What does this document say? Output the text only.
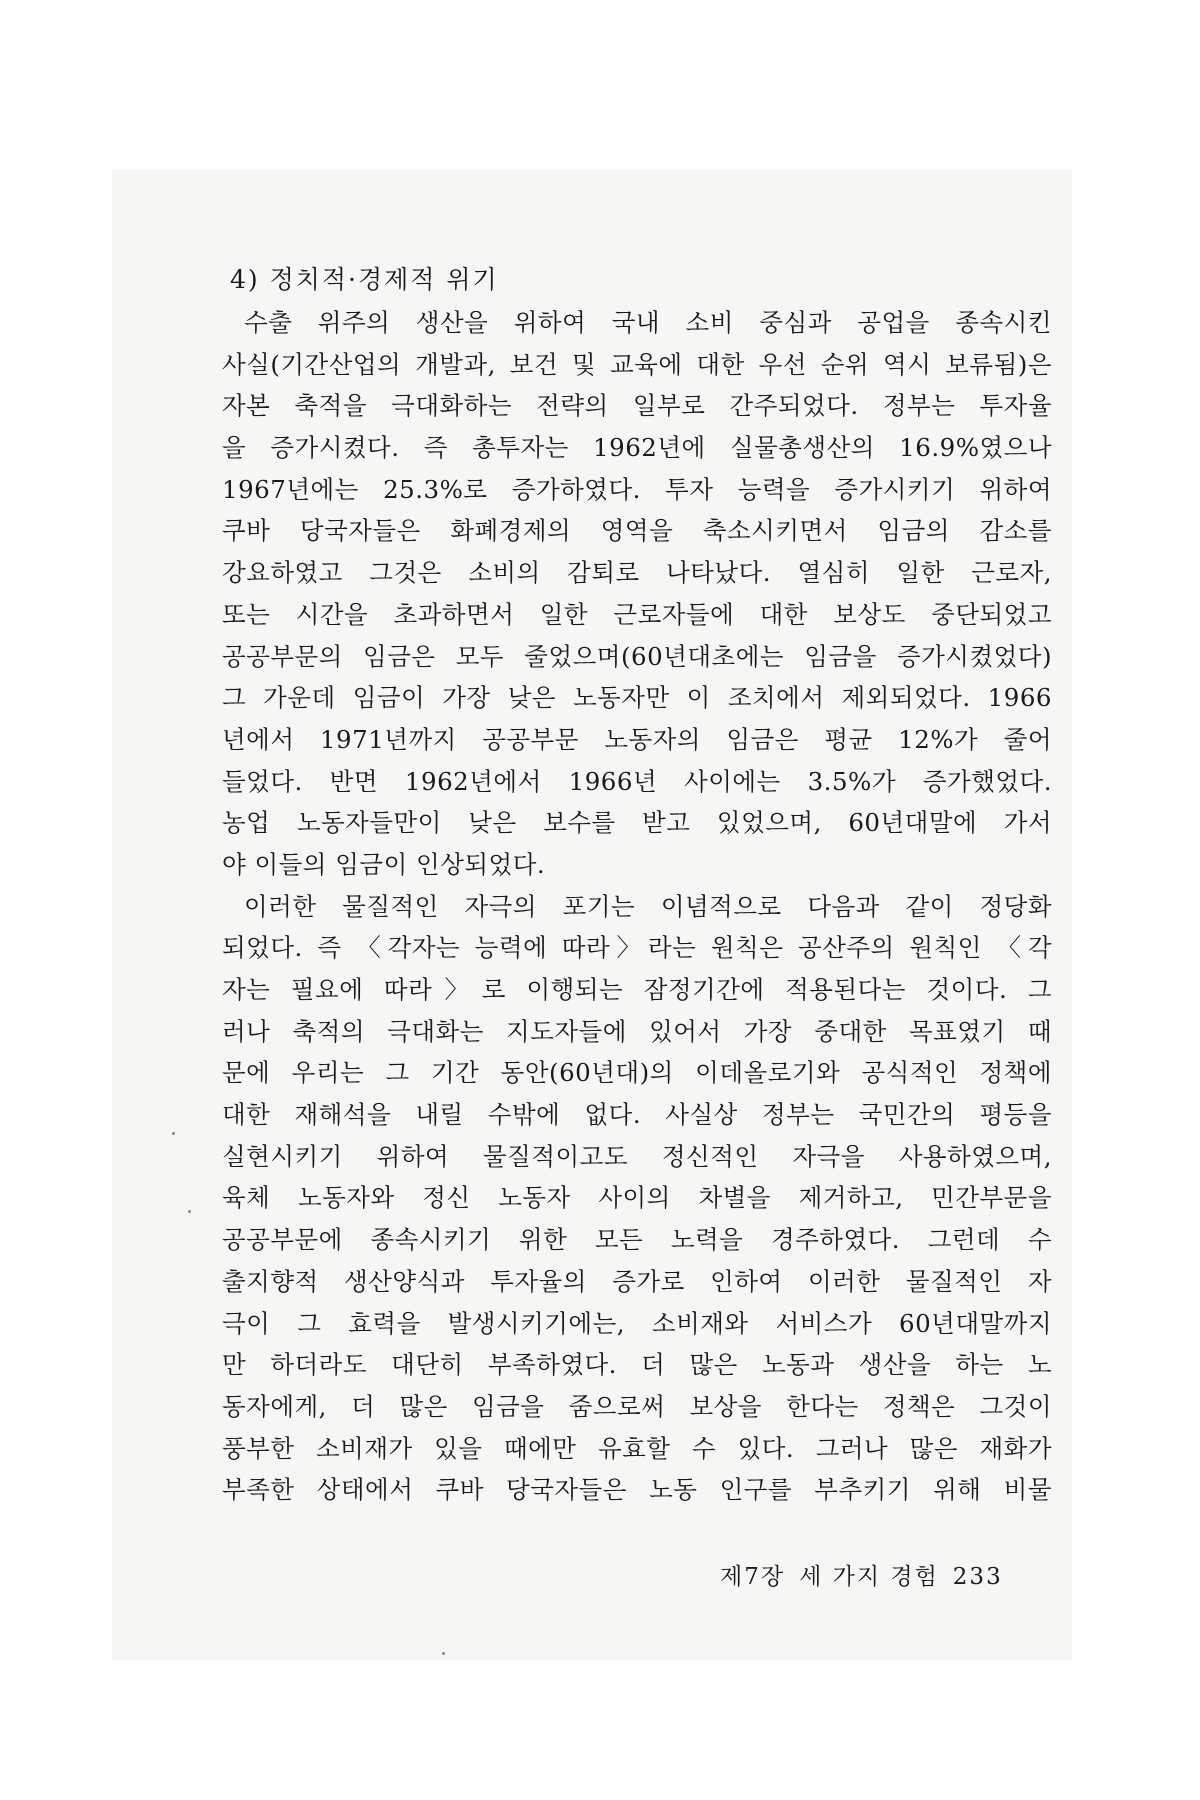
4) 정치적·경제적 위기

수출 위주의 생산을 위하여 국내 소비 중심과 공업을 종속시킨
사실(기간산업의 개발과, 보건 및 교육에 대한 우선 순위 역시 보류됨)은
자본 축적을 극대화하는 전략의 일부로 간주되었다. 정부는 투자율
을 증가시켰다. 즉 총투자는 1962년에 실물총생산의 16.9%였으나
1967년에는 25.3%로 증가하였다. 투자 능력을 증가시키기 위하여
쿠바 당국자들은 화폐경제의 영역을 축소시키면서 임금의 감소를
강요하였고 그것은 소비의 감퇴로 나타났다. 열심히 일한 근로자,
또는 시간을 초과하면서 일한 근로자들에 대한 보상도 중단되었고
공공부문의 임금은 모두 줄었으며(60년대초에는 임금을 증가시켰었다)
그 가운데 임금이 가장 낮은 노동자만 이 조치에서 제외되었다. 1966
년에서 1971년까지 공공부문 노동자의 임금은 평균 12%가 줄어
들었다. 반면 1962년에서 1966년 사이에는 3.5%가 증가했었다.
농업 노동자들만이 낮은 보수를 받고 있었으며, 60년대말에 가서
야 이들의 임금이 인상되었다.

이러한 물질적인 자극의 포기는 이념적으로 다음과 같이 정당화
되었다. 즉 〈각자는 능력에 따라〉라는 원칙은 공산주의 원칙인 〈각
자는 필요에 따라〉로 이행되는 잠정기간에 적용된다는 것이다. 그
러나 축적의 극대화는 지도자들에 있어서 가장 중대한 목표였기 때
문에 우리는 그 기간 동안(60년대)의 이데올로기와 공식적인 정책에
대한 재해석을 내릴 수밖에 없다. 사실상 정부는 국민간의 평등을
실현시키기 위하여 물질적이고도 정신적인 자극을 사용하였으며,
육체 노동자와 정신 노동자 사이의 차별을 제거하고, 민간부문을
공공부문에 종속시키기 위한 모든 노력을 경주하였다. 그런데 수
출지향적 생산양식과 투자율의 증가로 인하여 이러한 물질적인 자
극이 그 효력을 발생시키기에는, 소비재와 서비스가 60년대말까지
만 하더라도 대단히 부족하였다. 더 많은 노동과 생산을 하는 노
동자에게, 더 많은 임금을 줌으로써 보상을 한다는 정책은 그것이
풍부한 소비재가 있을 때에만 유효할 수 있다. 그러나 많은 재화가
부족한 상태에서 쿠바 당국자들은 노동 인구를 부추키기 위해 비물

제7장 세 가지 경험 233
